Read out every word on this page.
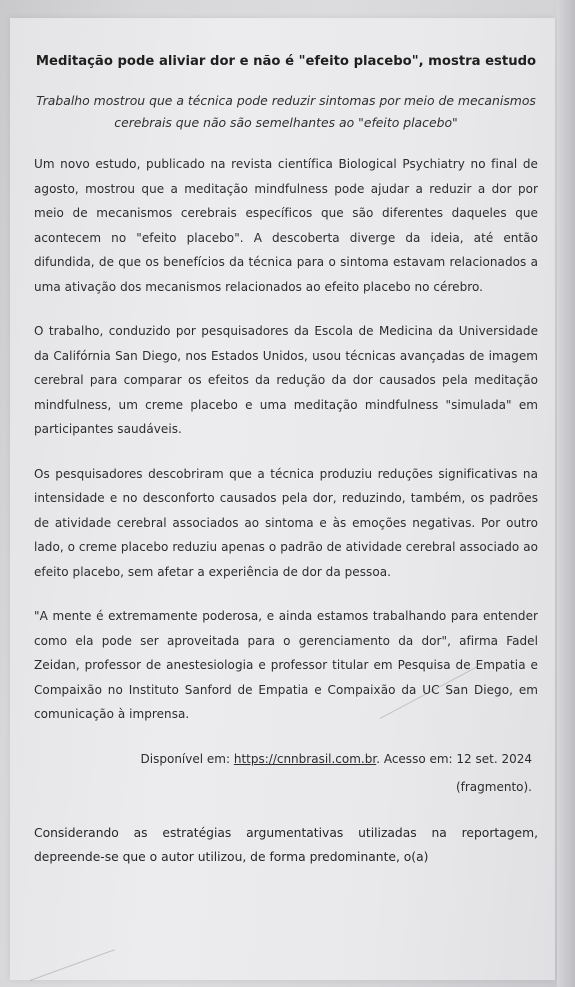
Meditação pode aliviar dor e não é "efeito placebo", mostra estudo

Trabalho mostrou que a técnica pode reduzir sintomas por meio de mecanismos cerebrais que não são semelhantes ao "efeito placebo"

Um novo estudo, publicado na revista científica Biological Psychiatry no final de agosto, mostrou que a meditação mindfulness pode ajudar a reduzir a dor por meio de mecanismos cerebrais específicos que são diferentes daqueles que acontecem no "efeito placebo". A descoberta diverge da ideia, até então difundida, de que os benefícios da técnica para o sintoma estavam relacionados a uma ativação dos mecanismos relacionados ao efeito placebo no cérebro.

O trabalho, conduzido por pesquisadores da Escola de Medicina da Universidade da Califórnia San Diego, nos Estados Unidos, usou técnicas avançadas de imagem cerebral para comparar os efeitos da redução da dor causados pela meditação mindfulness, um creme placebo e uma meditação mindfulness "simulada" em participantes saudáveis.

Os pesquisadores descobriram que a técnica produziu reduções significativas na intensidade e no desconforto causados pela dor, reduzindo, também, os padrões de atividade cerebral associados ao sintoma e às emoções negativas. Por outro lado, o creme placebo reduziu apenas o padrão de atividade cerebral associado ao efeito placebo, sem afetar a experiência de dor da pessoa.

"A mente é extremamente poderosa, e ainda estamos trabalhando para entender como ela pode ser aproveitada para o gerenciamento da dor", afirma Fadel Zeidan, professor de anestesiologia e professor titular em Pesquisa de Empatia e Compaixão no Instituto Sanford de Empatia e Compaixão da UC San Diego, em comunicação à imprensa.

Disponível em: https://cnnbrasil.com.br. Acesso em: 12 set. 2024
(fragmento).

Considerando as estratégias argumentativas utilizadas na reportagem, depreende-se que o autor utilizou, de forma predominante, o(a)
